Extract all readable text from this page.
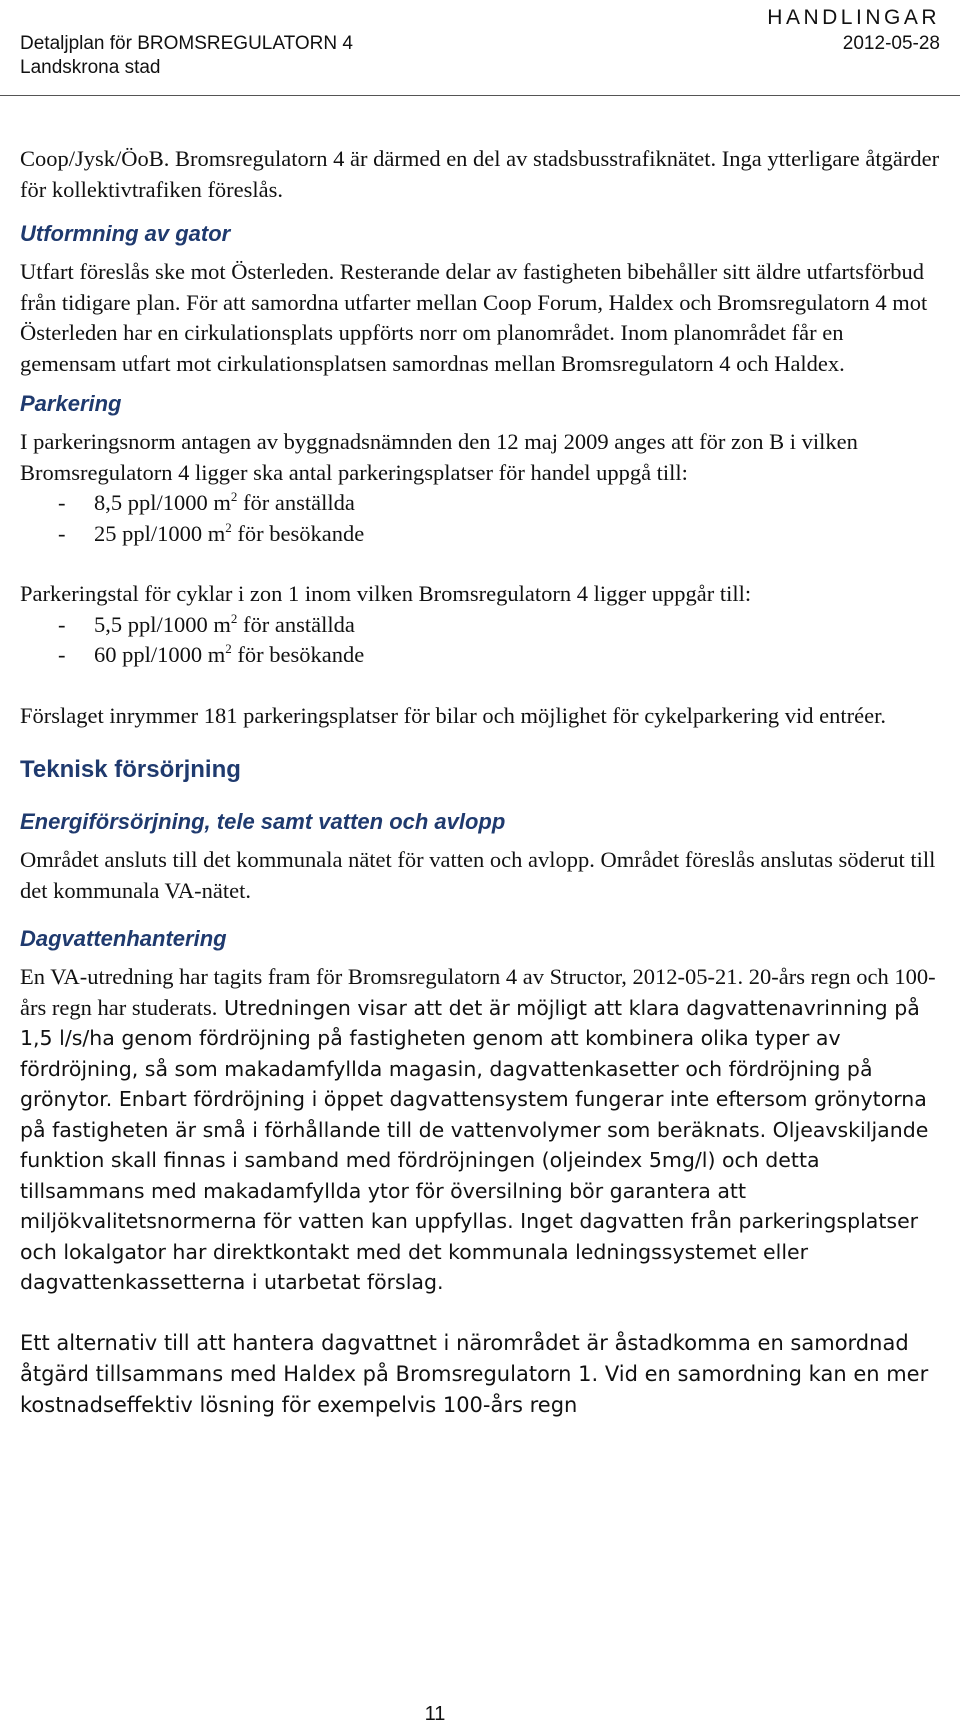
HANDLINGAR
Detaljplan för BROMSREGULATORN 4	2012-05-28
Landskrona stad

Coop/Jysk/ÖoB. Bromsregulatorn 4 är därmed en del av stadsbusstrafiknätet. Inga ytterligare åtgärder för kollektivtrafiken föreslås.

Utformning av gator

Utfart föreslås ske mot Österleden. Resterande delar av fastigheten bibehåller sitt äldre utfartsförbud från tidigare plan. För att samordna utfarter mellan Coop Forum, Haldex och Bromsregulatorn 4 mot Österleden har en cirkulationsplats uppförts norr om planområdet. Inom planområdet får en gemensam utfart mot cirkulationsplatsen samordnas mellan Bromsregulatorn 4 och Haldex.

Parkering

I parkeringsnorm antagen av byggnadsnämnden den 12 maj 2009 anges att för zon B i vilken Bromsregulatorn 4 ligger ska antal parkeringsplatser för handel uppgå till:

- 8,5 ppl/1000 $m^2$ för anställda
- 25 ppl/1000 $m^2$ för besökande

Parkeringstal för cyklar i zon 1 inom vilken Bromsregulatorn 4 ligger uppgår till:

- 5,5 ppl/1000 $m^2$ för anställda
- 60 ppl/1000 $m^2$ för besökande

Förslaget inrymmer 181 parkeringsplatser för bilar och möjlighet för cykelparkering vid entréer.

Teknisk försörjning
Energiförsörjning, tele samt vatten och avlopp

Området ansluts till det kommunala nätet för vatten och avlopp. Området föreslås anslutas söderut till det kommunala VA-nätet.

Dagvattenhantering

En VA-utredning har tagits fram för Bromsregulatorn 4 av Structor, 2012-05-21. 20-års regn och 100-års regn har studerats. Utredningen visar att det är möjligt att klara dagvattenavrinning på 1,5 l/s/ha genom fördröjning på fastigheten genom att kombinera olika typer av fördröjning, så som makadamfyllda magasin, dagvattenkasetter och fördröjning på grönytor. Enbart fördröjning i öppet dagvattensystem fungerar inte eftersom grönytorna på fastigheten är små i förhållande till de vattenvolymer som beräknats. Oljeavskiljande funktion skall finnas i samband med fördröjningen (oljeindex 5mg/l) och detta tillsammans med makadamfyllda ytor för översilning bör garantera att miljökvalitetsnormerna för vatten kan uppfyllas. Inget dagvatten från parkeringsplatser och lokalgator har direktkontakt med det kommunala ledningssystemet eller dagvattenkassetterna i utarbetat förslag.

Ett alternativ till att hantera dagvattnet i närområdet är åstadkomma en samordnad åtgärd tillsammans med Haldex på Bromsregulatorn 1. Vid en samordning kan en mer kostnadseffektiv lösning för exempelvis 100-års regn

11
